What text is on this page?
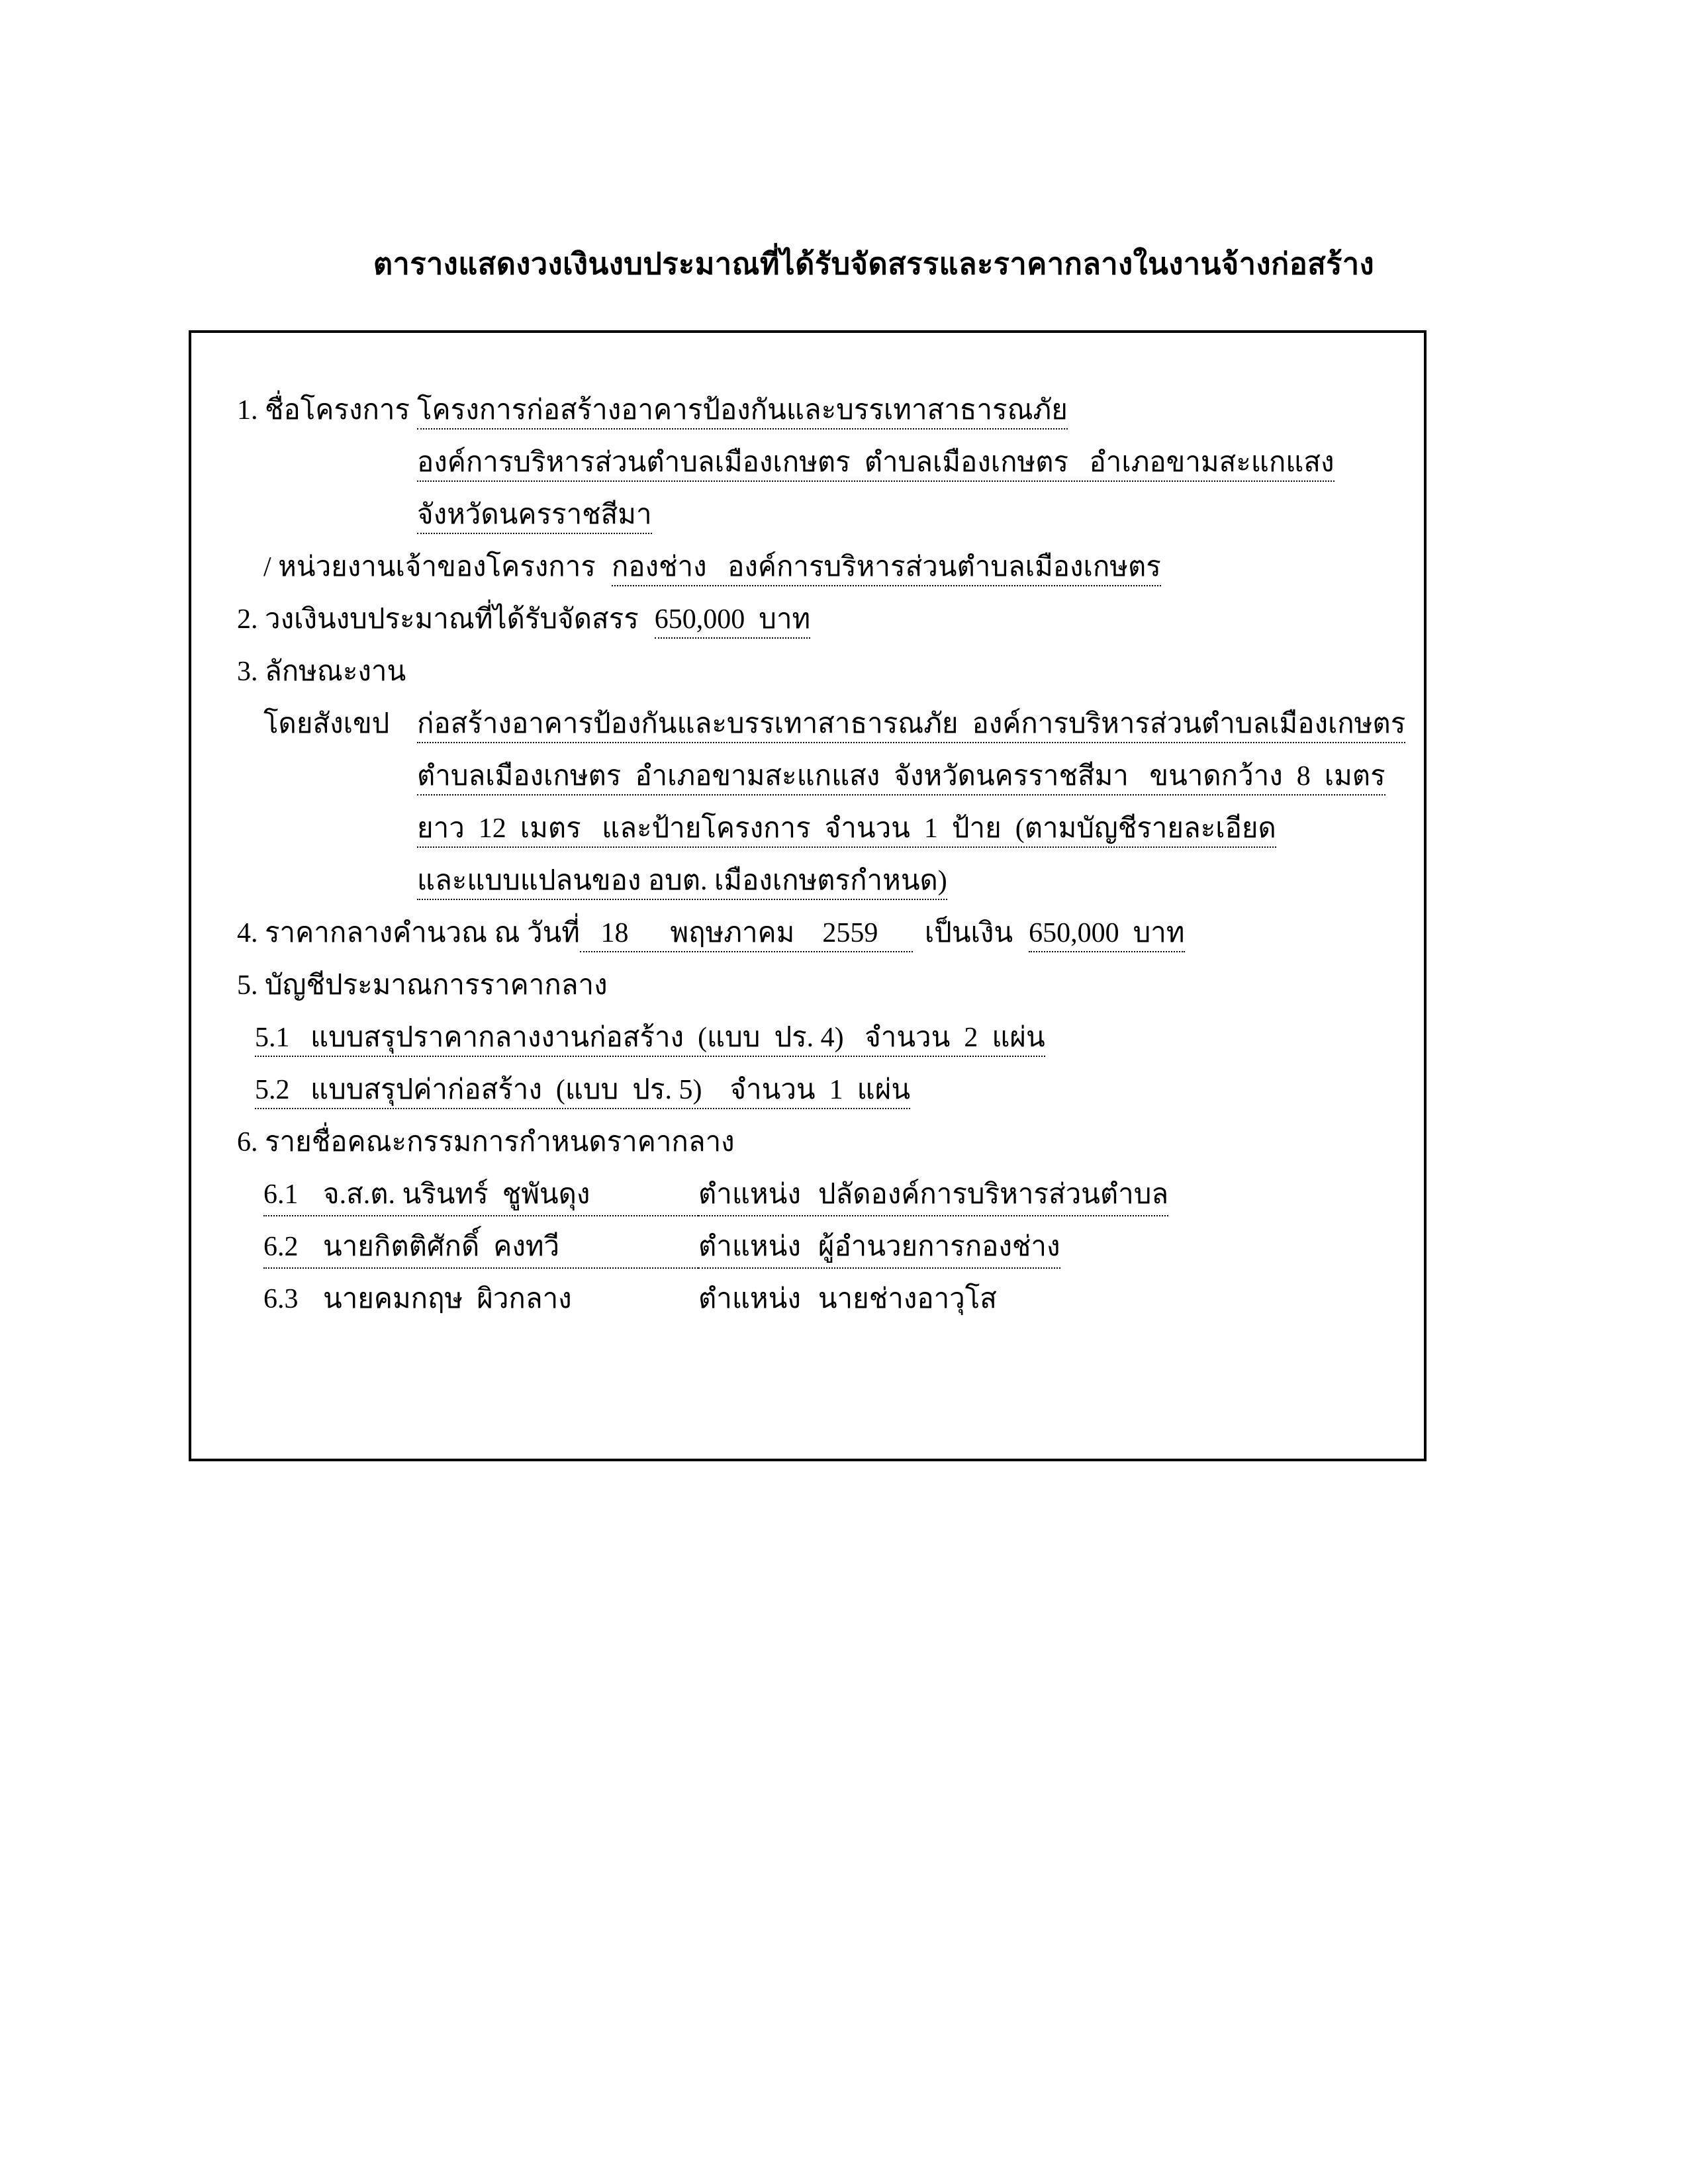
ตารางแสดงวงเงินงบประมาณที่ได้รับจัดสรรและราคากลางในงานจ้างก่อสร้าง
1. ชื่อโครงการ โครงการก่อสร้างอาคารป้องกันและบรรเทาสาธารณภัย
องค์การบริหารส่วนตำบลเมืองเกษตร  ตำบลเมืองเกษตร   อำเภอขามสะแกแสง
จังหวัดนครราชสีมา
/ หน่วยงานเจ้าของโครงการ กองช่าง   องค์การบริหารส่วนตำบลเมืองเกษตร
2. วงเงินงบประมาณที่ได้รับจัดสรร 650,000  บาท
3. ลักษณะงาน
โดยสังเขป ก่อสร้างอาคารป้องกันและบรรเทาสาธารณภัย  องค์การบริหารส่วนตำบลเมืองเกษตร
ตำบลเมืองเกษตร  อำเภอขามสะแกแสง  จังหวัดนครราชสีมา   ขนาดกว้าง  8  เมตร
ยาว  12  เมตร   และป้ายโครงการ  จำนวน  1  ป้าย  (ตามบัญชีรายละเอียด
และแบบแปลนของ อบต. เมืองเกษตรกำหนด)
4. ราคากลางคำนวณ ณ วันที่   18      พฤษภาคม    2559     เป็นเงิน 650,000  บาท
5. บัญชีประมาณการราคากลาง
5.1   แบบสรุปราคากลางงานก่อสร้าง  (แบบ  ปร. 4)   จำนวน  2  แผ่น
5.2   แบบสรุปค่าก่อสร้าง  (แบบ  ปร. 5)    จำนวน  1  แผ่น
6. รายชื่อคณะกรรมการกำหนดราคากลาง
6.1 จ.ส.ต. นรินทร์  ชูพันดุง	ตำแหน่ง ปลัดองค์การบริหารส่วนตำบล
6.2 นายกิตติศักดิ์  คงทวี	ตำแหน่ง ผู้อำนวยการกองช่าง
6.3 นายคมกฤษ  ผิวกลาง	ตำแหน่ง นายช่างอาวุโส
